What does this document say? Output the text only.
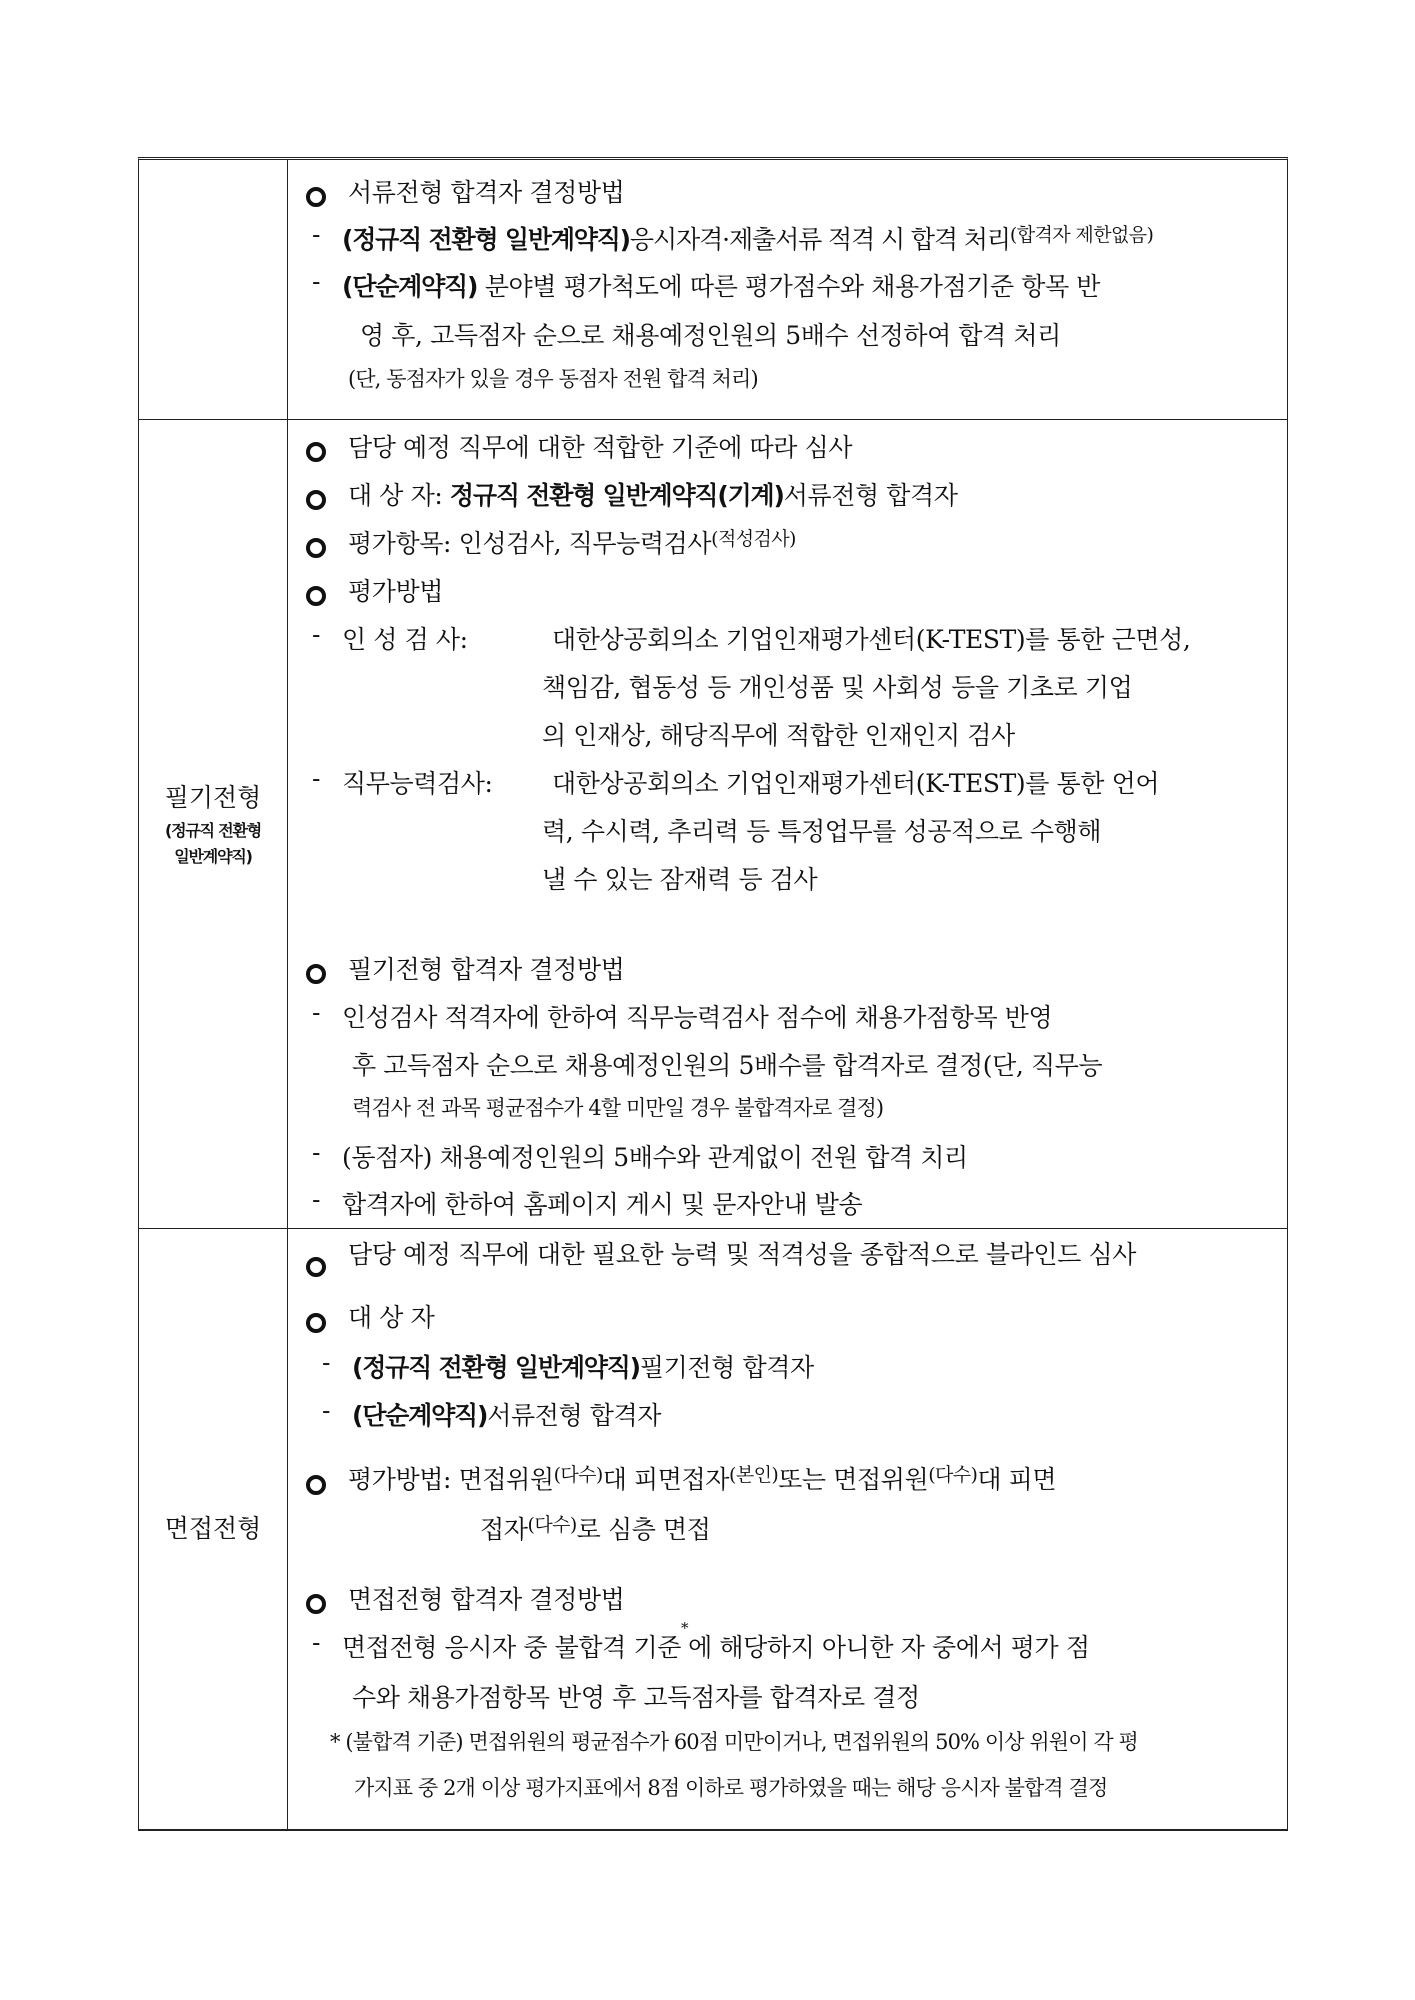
서류전형 합격자 결정방법
- (정규직 전환형 일반계약직) 응시자격·제출서류 적격 시 합격 처리 (합격자 제한없음)
- (단순계약직) 분야별 평가척도에 따른 평가점수와 채용가점기준 항목 반
영 후, 고득점자 순으로 채용예정인원의 5배수 선정하여 합격 처리
(단, 동점자가 있을 경우 동점자 전원 합격 처리)
필기전형
(정규직 전환형
일반계약직)
담당 예정 직무에 대한 적합한 기준에 따라 심사
대 상 자:
정규직 전환형 일반계약직(기계) 서류전형 합격자
평가항목: 인성검사, 직무능력검사 (적성검사)
평가방법
- 인 성 검 사:	대한상공회의소 기업인재평가센터(K-TEST)를 통한 근면성,
책임감, 협동성 등 개인성품 및 사회성 등을 기초로 기업
의 인재상, 해당직무에 적합한 인재인지 검사
- 직무능력검사:	대한상공회의소 기업인재평가센터(K-TEST)를 통한 언어
력, 수시력, 추리력 등 특정업무를 성공적으로 수행해
낼 수 있는 잠재력 등 검사
필기전형 합격자 결정방법
- 인성검사 적격자에 한하여 직무능력검사 점수에 채용가점항목 반영
후 고득점자 순으로 채용예정인원의 5배수를 합격자로 결정(단, 직무능
력검사 전 과목 평균점수가 4할 미만일 경우 불합격자로 결정)
- (동점자) 채용예정인원의 5배수와 관계없이 전원 합격 치리
- 합격자에 한하여 홈페이지 게시 및 문자안내 발송
면접전형
담당 예정 직무에 대한 필요한 능력 및 적격성을 종합적으로 블라인드 심사
대 상 자
- (정규직 전환형 일반계약직) 필기전형 합격자
- (단순계약직) 서류전형 합격자
평가방법: 면접위원 (다수) 대 피면접자 (본인) 또는 면접위원 (다수) 대 피면
접자 (다수) 로 심층 면접
면접전형 합격자 결정방법
- 면접전형 응시자 중 불합격 기준
*
에 해당하지 아니한 자 중에서 평가 점
수와 채용가점항목 반영 후 고득점자를 합격자로 결정
* (불합격 기준) 면접위원의 평균점수가 60점 미만이거나, 면접위원의 50% 이상 위원이 각 평
가지표 중 2개 이상 평가지표에서 8점 이하로 평가하였을 때는 해당 응시자 불합격 결정
